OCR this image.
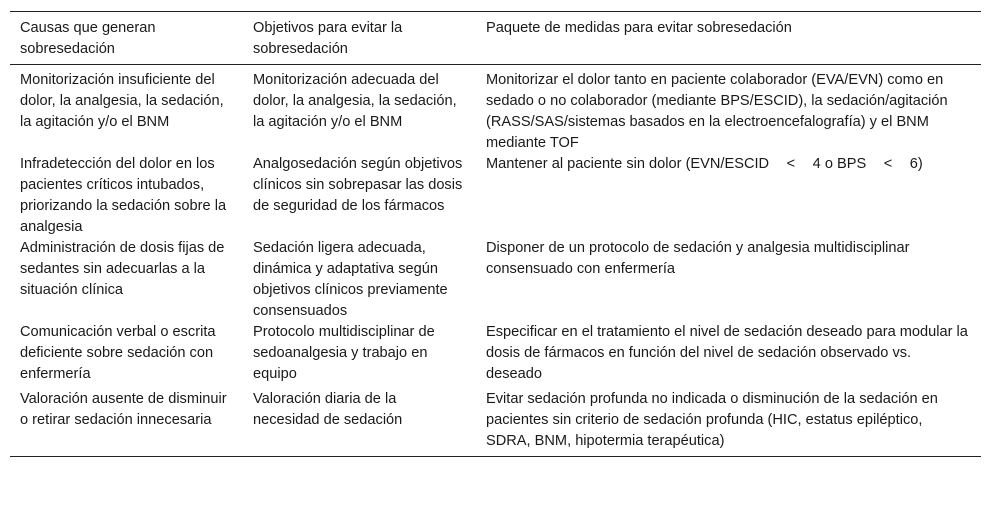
Causas que generan sobresedación	Objetivos para evitar la sobresedación	Paquete de medidas para evitar sobresedación
Monitorización insuficiente del dolor, la analgesia, la sedación, la agitación y/o el BNM	Monitorización adecuada del dolor, la analgesia, la sedación, la agitación y/o el BNM	Monitorizar el dolor tanto en paciente colaborador (EVA/EVN) como en sedado o no colaborador (mediante BPS/ESCID), la sedación/agitación (RASS/SAS/sistemas basados en la electroencefalografía) y el BNM mediante TOF
Infradetección del dolor en los pacientes críticos intubados, priorizando la sedación sobre la analgesia	Analgosedación según objetivos clínicos sin sobrepasar las dosis de seguridad de los fármacos	Mantener al paciente sin dolor (EVN/ESCID  <  4 o BPS  <  6)
Administración de dosis fijas de sedantes sin adecuarlas a la situación clínica	Sedación ligera adecuada, dinámica y adaptativa según objetivos clínicos previamente consensuados	Disponer de un protocolo de sedación y analgesia multidisciplinar consensuado con enfermería
Comunicación verbal o escrita deficiente sobre sedación con enfermería	Protocolo multidisciplinar de sedoanalgesia y trabajo en equipo	Especificar en el tratamiento el nivel de sedación deseado para modular la dosis de fármacos en función del nivel de sedación observado vs. deseado
Valoración ausente de disminuir o retirar sedación innecesaria	Valoración diaria de la necesidad de sedación	Evitar sedación profunda no indicada o disminución de la sedación en pacientes sin criterio de sedación profunda (HIC, estatus epiléptico, SDRA, BNM, hipotermia terapéutica)
